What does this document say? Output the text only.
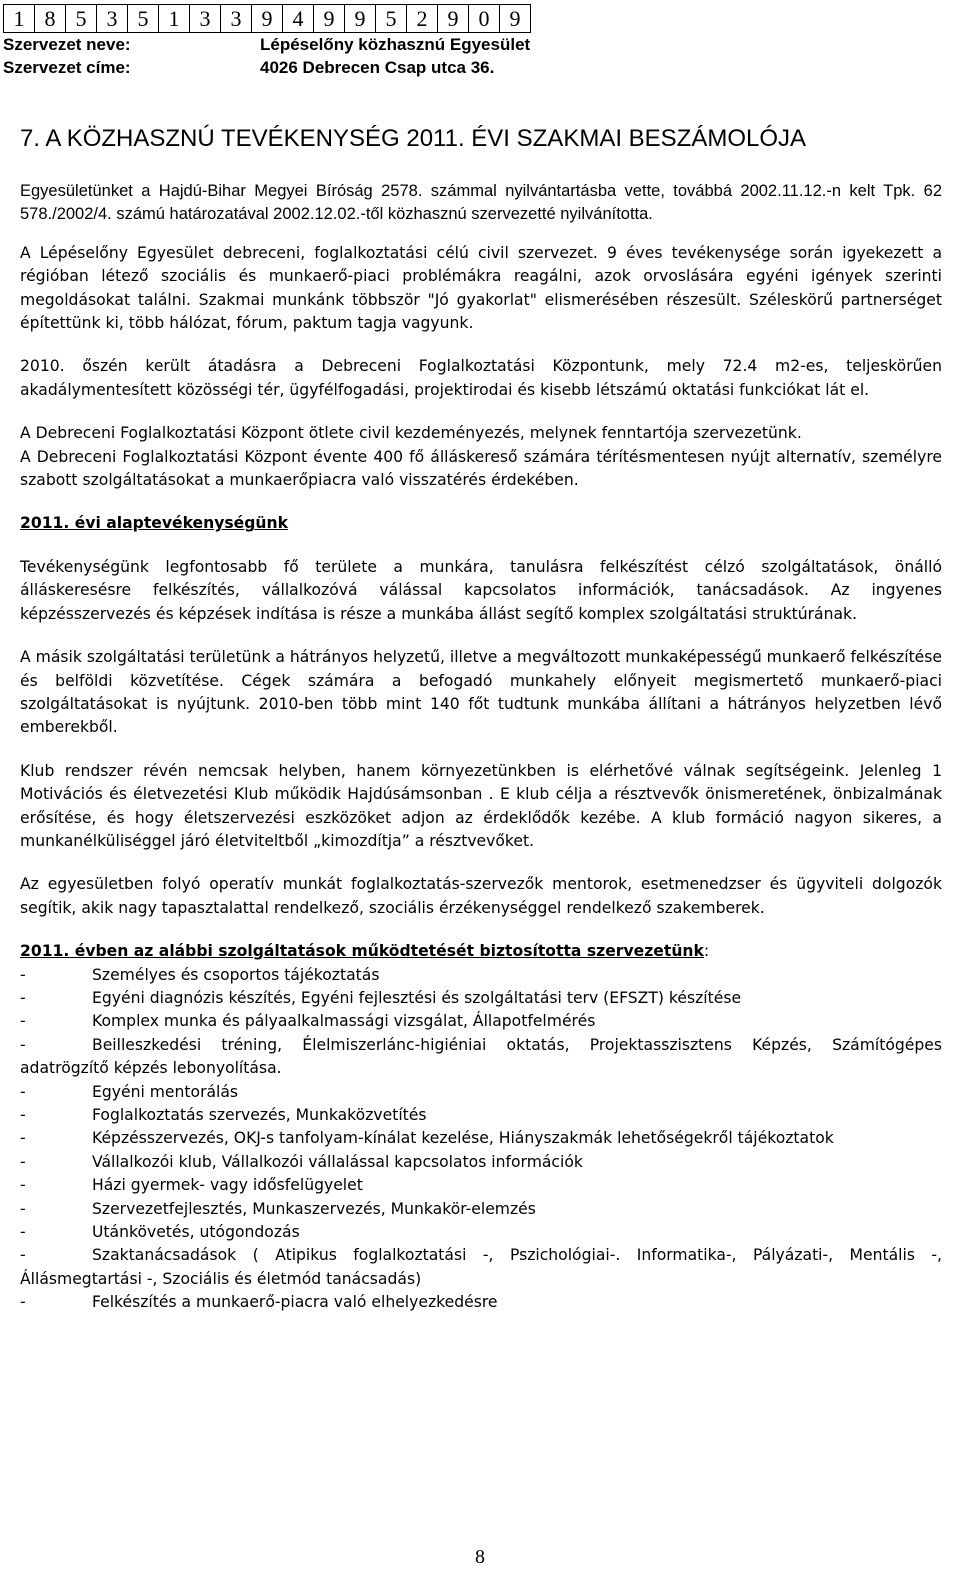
1	8	5	3	5	1	3	3	9	4	9	9	5	2	9	0	9
Szervezet neve:	Lépéselőny közhasznú Egyesület
Szervezet címe:	4026 Debrecen Csap utca 36.
7. A KÖZHASZNÚ TEVÉKENYSÉG 2011. ÉVI SZAKMAI BESZÁMOLÓJA

Egyesületünket a Hajdú-Bihar Megyei Bíróság 2578. számmal nyilvántartásba vette, továbbá 2002.11.12.-n kelt Tpk. 62 578./2002/4. számú határozatával 2002.12.02.-től közhasznú szervezetté nyilvánította.

A Lépéselőny Egyesület debreceni, foglalkoztatási célú civil szervezet. 9 éves tevékenysége során igyekezett a régióban létező szociális és munkaerő-piaci problémákra reagálni, azok orvoslására egyéni igények szerinti megoldásokat találni. Szakmai munkánk többször "Jó gyakorlat" elismerésében részesült. Széleskörű partnerséget építettünk ki, több hálózat, fórum, paktum tagja vagyunk.

2010. őszén került átadásra a Debreceni Foglalkoztatási Központunk, mely 72.4 m2-es, teljeskörűen akadálymentesített közösségi tér, ügyfélfogadási, projektirodai és kisebb létszámú oktatási funkciókat lát el.

A Debreceni Foglalkoztatási Központ ötlete civil kezdeményezés, melynek fenntartója szervezetünk.

A Debreceni Foglalkoztatási Központ évente 400 fő álláskereső számára térítésmentesen nyújt alternatív, személyre szabott szolgáltatásokat a munkaerőpiacra való visszatérés érdekében.

2011. évi alaptevékenységünk

Tevékenységünk legfontosabb fő területe a munkára, tanulásra felkészítést célzó szolgáltatások, önálló álláskeresésre felkészítés, vállalkozóvá válással kapcsolatos információk, tanácsadások. Az ingyenes képzésszervezés és képzések indítása is része a munkába állást segítő komplex szolgáltatási struktúrának.

A másik szolgáltatási területünk a hátrányos helyzetű, illetve a megváltozott munkaképességű munkaerő felkészítése és belföldi közvetítése. Cégek számára a befogadó munkahely előnyeit megismertető munkaerő-piaci szolgáltatásokat is nyújtunk. 2010-ben több mint 140 főt tudtunk munkába állítani a hátrányos helyzetben lévő emberekből.

Klub rendszer révén nemcsak helyben, hanem környezetünkben is elérhetővé válnak segítségeink. Jelenleg 1 Motivációs és életvezetési Klub működik Hajdúsámsonban . E klub célja a résztvevők önismeretének, önbizalmának erősítése, és hogy életszervezési eszközöket adjon az érdeklődők kezébe. A klub formáció nagyon sikeres, a munkanélküliséggel járó életviteltből „kimozdítja” a résztvevőket.

Az egyesületben folyó operatív munkát foglalkoztatás-szervezők mentorok, esetmenedzser és ügyviteli dolgozók segítik, akik nagy tapasztalattal rendelkező, szociális érzékenységgel rendelkező szakemberek.

2011. évben az alábbi szolgáltatások működtetését biztosította szervezetünk:

-	Személyes és csoportos tájékoztatás
-	Egyéni diagnózis készítés, Egyéni fejlesztési és szolgáltatási terv (EFSZT) készítése
-	Komplex munka és pályaalkalmassági vizsgálat, Állapotfelmérés
-	Beilleszkedési tréning, Élelmiszerlánc-higiéniai oktatás, Projektasszisztens Képzés, Számítógépes adatrögzítő képzés lebonyolítása.
-	Egyéni mentorálás
-	Foglalkoztatás szervezés, Munkaközvetítés
-	Képzésszervezés, OKJ-s tanfolyam-kínálat kezelése, Hiányszakmák lehetőségekről tájékoztatok
-	Vállalkozói klub, Vállalkozói vállalással kapcsolatos információk
-	Házi gyermek- vagy idősfelügyelet
-	Szervezetfejlesztés, Munkaszervezés, Munkakör-elemzés
-	Utánkövetés, utógondozás
-	Szaktanácsadások ( Atipikus foglalkoztatási -, Pszichológiai-. Informatika-, Pályázati-, Mentális -, Állásmegtartási -, Szociális és életmód tanácsadás)
-	Felkészítés a munkaerő-piacra való elhelyezkedésre
8
